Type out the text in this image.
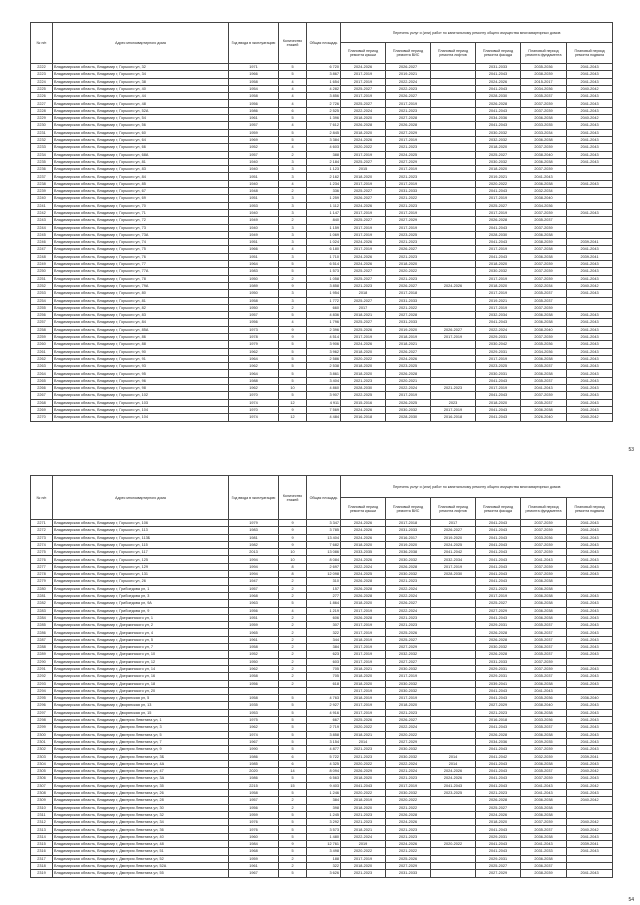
№ п/п	Адрес многоквартирного дома	Год ввода в эксплуатацию	Количество этажей	Общая площадь	Перечень услуг и (или) работ по капитальному ремонту общего имущества многоквартирных домов					
					Плановый период ремонта крыши	Плановый период ремонта ВИС	Плановый период ремонта лифтов	Плановый период ремонта фасада	Плановый период ремонта фундамента	Плановый период ремонта подвала
2222	Владимирская область, Владимир г, Горького ул, 32	1971	5	6 720	2024-2026	2026-2027		2031-2033	2035-2036	2041-2043
2223	Владимирская область, Владимир г, Горького ул, 34	1966	5	3 867	2017-2019	2019-2021		2041-2043	2038-2039	2041-2043
2224	Владимирская область, Владимир г, Горького ул, 38	1958	4	1 654	2017-2019	2022-2024		2024-2026	2015-2017	2041-2043
2225	Владимирская область, Владимир г, Горького ул, 40	1954	4	4 282	2025-2027	2022-2023		2041-2043	2034-2036	2040-2042
2226	Владимирская область, Владимир г, Горького ул, 44	1958	4	3 856	2017-2019	2026-2027		2028-2030	2035-2037	2041-2043
2227	Владимирская область, Владимир г, Горького ул, 48	1956	4	2 726	2025-2027	2017-2019		2026-2028	2037-2039	2041-2043
2228	Владимирская область, Владимир г, Горького ул, 52А	1986	6	2 525	2022-2024	2021-2023		2041-2043	2037-2039	2041-2043
2229	Владимирская область, Владимир г, Горького ул, 54	1961	5	1 396	2018-2020	2027-2028		2034-2036	2036-2038	2040-2042
2230	Владимирская область, Владимир г, Горького ул, 56	1957	4	7 612	2026-2028	2026-2028		2041-2043	2033-2035	2041-2043
2231	Владимирская область, Владимир г, Горького ул, 60	1959	5	2 845	2018-2020	2027-2029		2030-2032	2033-2034	2041-2043
2232	Владимирская область, Владимир г, Горького ул, 64	1969	5	3 384	2024-2026	2017-2019		2032-2032	2036-2038	2041-2043
2233	Владимирская область, Владимир г, Горького ул, 66	1952	4	4 603	2020-2022	2021-2023		2018-2020	2037-2039	2041-2043
2234	Владимирская область, Владимир г, Горького ул, 68А	1957	2	388	2017-2019	2024-2025		2025-2027	2038-2040	2041-2043
2235	Владимирская область, Владимир г, Горького ул, 81	1940	3	2 184	2025-2027	2027-2029		2030-2032	2036-2038	2041-2043
2236	Владимирская область, Владимир г, Горького ул, 83	1940	3	1 123	2015	2017-2019		2018-2020	2037-2039	
2237	Владимирская область, Владимир г, Горького ул, 84	1951	3	2 162	2018-2020	2021-2023		2019-2021	2041-2043	
2238	Владимирская область, Владимир г, Горького ул, 85	1940	4	1 234	2017-2019	2017-2019		2020-2022	2036-2038	2041-2043
2239	Владимирская область, Владимир г, Горького ул, 67	1948	2	336	2025-2027	2031-2033		2041-2043	2032-2034	
2240	Владимирская область, Владимир г, Горького ул, 69	1951	3	1 259	2026-2027	2021-2022		2017-2019	2038-2040	
2241	Владимирская область, Владимир г, Горького ул, 70	1953	3	1 112	2024-2026	2021-2023		2025-2027	2034-2036	
2242	Владимирская область, Владимир г, Горького ул, 71	1940	3	1 147	2017-2019	2017-2019		2017-2019	2037-2039	2041-2043
2243	Владимирская область, Владимир г, Горького ул, 72	1949	2	840	2025-2027	2027-2029		2026-2028	2035-2037	
2244	Владимирская область, Владимир г, Горького ул, 73	1940	3	1 159	2017-2019	2017-2019		2041-2043	2037-2039	
2245	Владимирская область, Владимир г, Горького ул, 73А	1949	3	1 069	2017-2019	2023-2025		2028-2030	2036-2038	
2246	Владимирская область, Владимир г, Горького ул, 74	1951	3	1 024	2024-2026	2021-2023		2041-2043	2038-2039	2039-2041
2247	Владимирская область, Владимир г, Горького ул, 75	1966	4	6 180	2017-2019	2026-2027		2017-2019	2037-2038	2041-2043
2248	Владимирская область, Владимир г, Горького ул, 76	1951	3	1 710	2024-2026	2021-2023		2041-2043	2036-2038	2039-2041
2249	Владимирская область, Владимир г, Горького ул, 77	1964	5	6 514	2024-2026	2018-2020		2018-2020	2037-2039	2041-2043
2250	Владимирская область, Владимир г, Горького ул, 77А	1983	5	1 573	2025-2027	2020-2022		2030-2032	2037-2039	2041-2043
2251	Владимирская область, Владимир г, Горького ул, 78	1950	2	1 058	2025-2027	2021-2023		2017-2019	2037-2039	2041-2043
2252	Владимирская область, Владимир г, Горького ул, 79А	1989	9	3 858	2021-2023	2026-2027	2024-2026	2018-2020	2032-2034	2040-2042
2253	Владимирская область, Владимир г, Горького ул, 80	1950	3	1 954	2018	2017-2018		2017-2019	2035-2037	2041-2043
2254	Владимирская область, Владимир г, Горького ул, 81	1958	3	1 772	2025-2027	2031-2033		2019-2021	2035-2037	
2255	Владимирская область, Владимир г, Горького ул, 82	1950	2	660	2017	2021-2022		2017-2019	2037-2039	
2256	Владимирская область, Владимир г, Горького ул, 83	1957	5	4 836	2018-2021	2027-2028		2032-2034	2036-2038	2041-2043
2257	Владимирская область, Владимир г, Горького ул, 84	1956	4	1 796	2025-2027	2031-2033		2041-2043	2036-2038	2041-2043
2258	Владимирская область, Владимир г, Горького ул, 85А	1973	9	2 396	2025-2026	2019-2020	2026-2027	2022-2024	2038-2040	2041-2043
2259	Владимирская область, Владимир г, Горького ул, 86	1978	9	4 514	2017-2019	2018-2019	2017-2019	2029-2031	2037-2039	2041-2043
2260	Владимирская область, Владимир г, Горького ул, 88	1979	5	3 906	2024-2026	2018-2021		2030-2042	2035-2036	2041-2043
2261	Владимирская область, Владимир г, Горького ул, 90	1962	5	3 962	2018-2020	2026-2027		2029-2031	2034-2036	2041-2043
2262	Владимирская область, Владимир г, Горького ул, 91	1964	5	2 586	2020-2022	2024-2026		2017-2019	2036-2038	2041-2043
2263	Владимирская область, Владимир г, Горького ул, 93	1962	5	2 538	2018-2020	2023-2025		2023-2025	2035-2037	2041-2043
2264	Владимирская область, Владимир г, Горького ул, 95	1964	5	3 861	2018-2020	2026-2028		2030-2031	2036-2038	2041-2043
2265	Владимирская область, Владимир г, Горького ул, 96	1988	5	3 404	2021-2023	2020-2021		2041-2043	2035-2037	2041-2043
2266	Владимирская область, Владимир г, Горького ул, 98	1962	10	4 860	2028-2030	2022-2024	2021-2023	2017-2019	2041-2043	2041-2043
2267	Владимирская область, Владимир г, Горького ул, 102	1970	5	3 907	2022-2025	2017-2019		2041-2043	2037-2039	2041-2043
2268	Владимирская область, Владимир г, Горького ул, 103	1974	12	4 911	2015-2016	2026-2025	2023	2018-2020	2035-2037	2041-2043
2269	Владимирская область, Владимир г, Горького ул, 104	1970	9	7 569	2024-2026	2030-2032	2017-2019	2041-2043	2036-2038	2041-2043
2270	Владимирская область, Владимир г, Горького ул, 104	1974	12	4 484	2016-2018	2028-2030	2016-2018	2041-2043	2026-2040	2040-2042
53
№ п/п	Адрес многоквартирного дома	Год ввода в эксплуатацию	Количество этажей	Общая площадь	Перечень услуг и (или) работ по капитальному ремонту общего имущества многоквартирных домов					
					Плановый период ремонта крыши	Плановый период ремонта ВИС	Плановый период ремонта лифтов	Плановый период ремонта фасада	Плановый период ремонта фундамента	Плановый период ремонта подвала
2271	Владимирская область, Владимир г, Горького ул, 106	1979	9	3 347	2024-2026	2017-2018	2017	2041-2043	2037-2039	2041-2043
2272	Владимирская область, Владимир г, Горького ул, 113	1983	9	3 785	2024-2026	2031-2033	2026-2027	2041-2043	2037-2039	2041-2043
2273	Владимирская область, Владимир г, Горького ул, 113Б	1981	9	13 404	2024-2026	2016-2017	2019-2020	2041-2043	2033-2036	2041-2043
2274	Владимирская область, Владимир г, Горького ул, 115	1982	9	7 682	2018-2020	2019-2020	2024-2025	2041-2043	2037-2039	2041-2043
2275	Владимирская область, Владимир г, Горького ул, 117	2013	10	13 086	2033-2035	2036-2038	2041-2042	2041-2043	2037-2039	2041-2043
2276	Владимирская область, Владимир г, Горького ул, 125	1994	10	8 084	2024-2026	2030-2032	2032-2034	2041-2043	2041-2043	2041-2043
2277	Владимирская область, Владимир г, Горького ул, 129	1994	8	2 697	2022-2024	2026-2028	2017-2019	2041-2043	2037-2039	2041-2043
2278	Владимирская область, Владимир г, Горького ул, 131	1994	8	12 098	2024-2025	2030-2032	2028-2030	2041-2043	2037-2039	2041-2043
2279	Владимирская область, Владимир г, Горького ул, 26	1947	2	310	2026-2028	2021-2023		2041-2043	2036-2038	
2280	Владимирская область, Владимир г, Грибоедова ул, 1	1957	2	157	2026-2028	2022-2024		2021-2023	2036-2038	
2281	Владимирская область, Владимир г, Грибоедова ул, 3	1968	2	277	2026-2028	2022-2024		2017-2019	2036-2038	2041-2043
2282	Владимирская область, Владимир г, Грибоедова ул, 9А	1963	5	1 864	2018-2020	2026-2027		2025-2027	2036-2038	2041-2043
2283	Владимирская область, Владимир г, Грибоедова ул, 9	1956	4	1 219	2017-2019	2022-2024		2027-2029	2036-2038	2041-2043
2284	Владимирская область, Владимир г, Дзержинского ул, 1	1951	2	606	2026-2028	2021-2023		2041-2043	2036-2038	2041-2043
2285	Владимирская область, Владимир г, Дзержинского ул, 2	1959	2	307	2017-2019	2021-2023		2029-2031	2035-2037	2041-2043
2286	Владимирская область, Владимир г, Дзержинского ул, 4	1965	2	322	2017-2019	2025-2026		2026-2028	2036-2037	2041-2043
2287	Владимирская область, Владимир г, Дзержинского ул, 5	1961	2	344	2018-2019	2025-2027		2026-2028	2035-2037	2041-2043
2288	Владимирская область, Владимир г, Дзержинского ул, 7	1958	2	384	2017-2019	2027-2029		2030-2032	2036-2037	2041-2043
2289	Владимирская область, Владимир г, Дзержинского ул, 10	1952	2	623	2017-2019	2032-2032		2026-2028	2035-2037	2041-2043
2290	Владимирская область, Владимир г, Дзержинского ул, 12	1950	2	603	2017-2019	2027-2027		2031-2033	2037-2039	
2291	Владимирская область, Владимир г, Дзержинского ул, 14	1962	2	705	2018-2021	2030-2032		2029-2031	2037-2039	2041-2043
2292	Владимирская область, Владимир г, Дзержинского ул, 16	1958	2	705	2018-2020	2017-2019		2029-2031	2035-2037	2041-2043
2293	Владимирская область, Владимир г, Дзержинского ул, 18	1956	2	618	2018-2020	2030-2032		2039-2041	2036-2038	2041-2043
2294	Владимирская область, Владимир г, Дзержинского ул, 20				2017-2019	2030-2032		2041-2043	2041-2043	
2295	Владимирская область, Владимир г, Дворянская ул, 5	1958	5	4 763	2018-2019	2017-2019		2041-2043	2035-2036	2036-2040
2296	Владимирская область, Владимир г, Дворянская ул, 13	1935	5	2 927	2017-2019	2018-2020		2027-2029	2038-2040	2041-2043
2297	Владимирская область, Владимир г, Дворянская ул, 15	1953	5	4 916	2017-2019	2021-2023		2021-2023	2036-2038	2041-2043
2298	Владимирская область, Владимир г, Дмитрия Левитана ул, 1	1975	5	667	2025-2026	2026-2027		2016-2018	2033-2036	2041-2043
2299	Владимирская область, Владимир г, Дмитрия Левитана ул, 3	1962	5	2 719	2020-2022	2022-2024		2041-2043	2035-2037	2041-2043
2300	Владимирская область, Владимир г, Дмитрия Левитана ул, 5	1974	5	3 858	2018-2021	2020-2022		2026-2028	2036-2038	2041-2043
2301	Владимирская область, Владимир г, Дмитрия Левитана ул, 7	1967	5	3 154	2014	2027-2029		2034-2036	2039-2035	2041-2043
2302	Владимирская область, Владимир г, Дмитрия Левитана ул, 9	1990	5	4 877	2021-2023	2030-2032		2041-2043	2037-2039	2041-2043
2303	Владимирская область, Владимир г, Дмитрия Левитана ул, 3Б	1986	6	5 722	2021-2023	2030-2032	2014	2041-2042	2032-2039	2039-2041
2304	Владимирская область, Владимир г, Дмитрия Левитана ул, 4А	1985	6	4 325	2020-2022	2022-2024	2014	2041-2043	2036-2038	2041-2043
2305	Владимирская область, Владимир г, Дмитрия Левитана ул, 47	2020	14	8 094	2026-2029	2021-2024	2024-2026	2041-2043	2035-2037	2040-2042
2306	Владимирская область, Владимир г, Дмитрия Левитана ул, 3А	1986	5	6 563	2018-2020	2021-2023	2024-2026	2041-2043	2037-2039	2041-2043
2307	Владимирская область, Владимир г, Дмитрия Левитана ул, 35	2215	15	9 403	2041-2043	2017-2019	2041-2043	2041-2043	2041-2043	2041-2042
2308	Владимирская область, Владимир г, Дмитрия Левитана ул, 26	1958	5	1 246	2020-2022	2030-2032	2023-2025	2021-2023	2041-2043	2041-2043
2309	Владимирская область, Владимир г, Дмитрия Левитана ул, 28	1957	2	384	2018-2019	2020-2022		2026-2028	2036-2038	2040-2042
2310	Владимирская область, Владимир г, Дмитрия Левитана ул, 30	1956	2	398	2018-2020	2021-2022		2025-2027	2035-2038	
2311	Владимирская область, Владимир г, Дмитрия Левитана ул, 32	1959	5	1 245	2021-2023	2026-2028		2024-2026	2036-2038	
2312	Владимирская область, Владимир г, Дмитрия Левитана ул, 34	1976	5	3 292	2021-2023	2024-2026		2018-2020	2037-2039	2040-2042
2313	Владимирская область, Владимир г, Дмитрия Левитана ул, 36	1976	5	3 573	2018-2021	2021-2023		2041-2043	2035-2037	2040-2042
2314	Владимирская область, Владимир г, Дмитрия Левитана ул, 40	1960	5	1 480	2022-2024	2021-2023		2029-2031	2036-2038	2041-2043
2315	Владимирская область, Владимир г, Дмитрия Левитана ул, 48	1984	9	12 761	2019	2024-2026	2020-2022	2041-2043	2041-2043	2039-2041
2316	Владимирская область, Владимир г, Дмитрия Левитана ул, 51	1968	5	3 498	2020-2022	2021-2022		2041-2043	2031-2033	2041-2043
2317	Владимирская область, Владимир г, Дмитрия Левитана ул, 52	1959	2	188	2017-2019	2025-2026		2029-2031	2036-2038	
2318	Владимирская область, Владимир г, Дмитрия Левитана ул, 52А	1961	2	322	2018-2020	2027-2029		2025-2027	2036-2037	
2319	Владимирская область, Владимир г, Дмитрия Левитана ул, 55	1967	5	3 626	2021-2023	2031-2033		2027-2029	2038-2039	2041-2043
54
